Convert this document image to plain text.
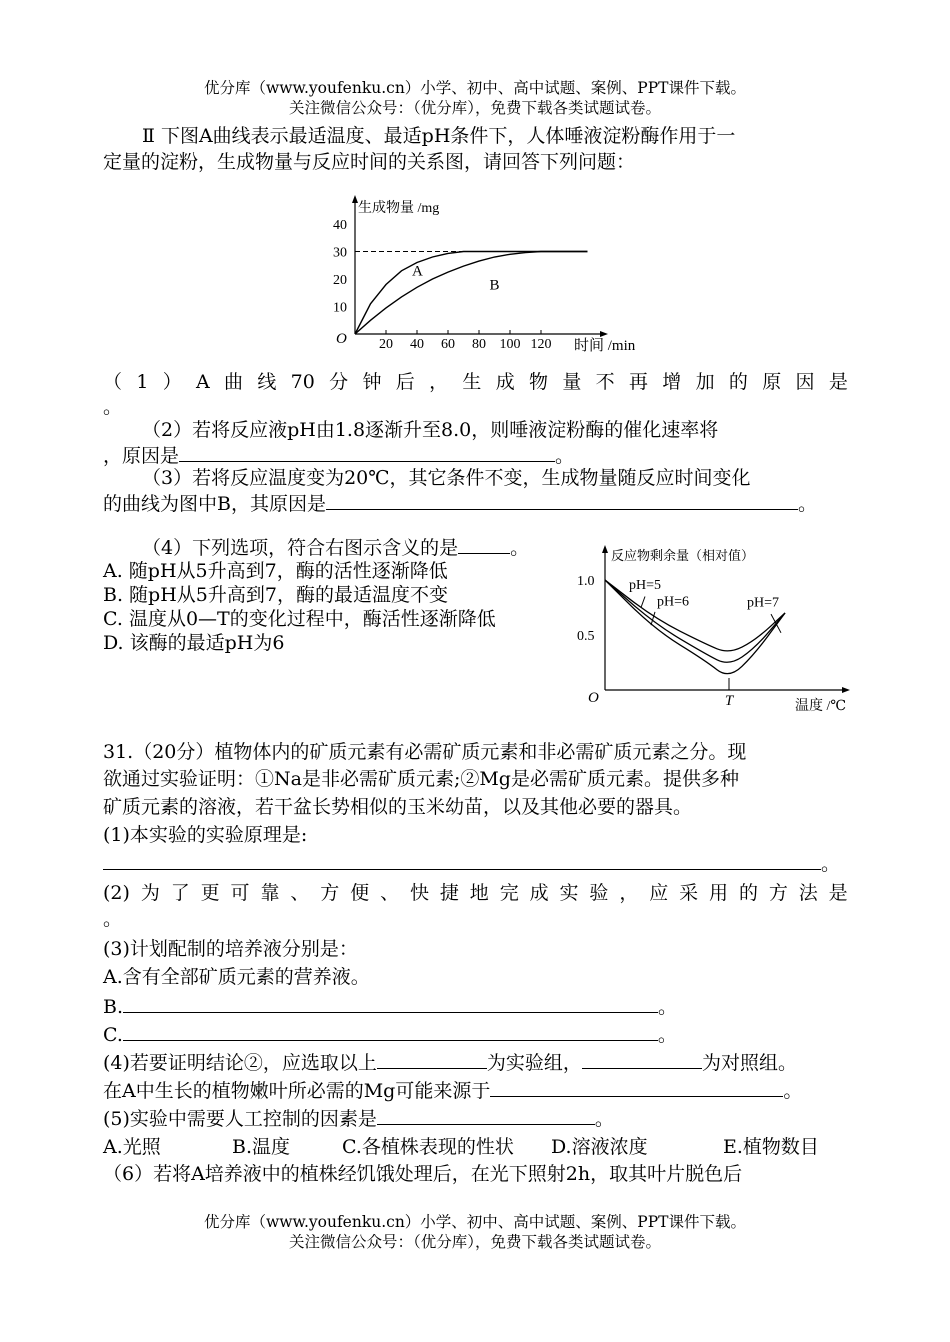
优分库（www.youfenku.cn）小学、初中、高中试题、案例、PPT课件下载。
关注微信公众号：（优分库），免费下载各类试题试卷。
Ⅱ 下图A曲线表示最适温度、最适pH条件下，人体唾液淀粉酶作用于一
定量的淀粉，生成物量与反应时间的关系图，请回答下列问题：
生成物量 /mg
时间 /min
O
10
20
30
40
20 40 60 80 100 120
A
B
（ 1 ） A 曲 线 70 分 钟 后 ， 生 成 物 量 不 再 增 加 的 原 因 是
。
（2）若将反应液pH由1.8逐渐升至8.0，则唾液淀粉酶的催化速率将
，原因是	。
（3）若将反应温度变为20℃，其它条件不变，生成物量随反应时间变化
的曲线为图中B，其原因是	。
（4）下列选项，符合右图示含义的是	。
A. 随pH从5升高到7，酶的活性逐渐降低
B. 随pH从5升高到7，酶的最适温度不变
C. 温度从0—T的变化过程中，酶活性逐渐降低
D. 该酶的最适pH为6
反应物剩余量（相对值）
温度 /℃
O
0.5
1.0
T
pH=5
pH=6	pH=7
31.（20分）植物体内的矿质元素有必需矿质元素和非必需矿质元素之分。现
欲通过实验证明：①Na是非必需矿质元素;②Mg是必需矿质元素。提供多种
矿质元素的溶液，若干盆长势相似的玉米幼苗，以及其他必要的器具。
(1)本实验的实验原理是:
。
(2) 为 了 更 可 靠 、 方 便 、 快 捷 地 完 成 实 验 ， 应 采 用 的 方 法 是
。
(3)计划配制的培养液分别是：
A.含有全部矿质元素的营养液。
B.	。
C.	。
(4)若要证明结论②，应选取以上	为实验组，	为对照组。
在A中生长的植物嫩叶所必需的Mg可能来源于	。
(5)实验中需要人工控制的因素是	。
A.光照	B.温度	C.各植株表现的性状 D.溶液浓度	E.植物数目
（6）若将A培养液中的植株经饥饿处理后，在光下照射2h，取其叶片脱色后
优分库（www.youfenku.cn）小学、初中、高中试题、案例、PPT课件下载。
关注微信公众号：（优分库），免费下载各类试题试卷。
